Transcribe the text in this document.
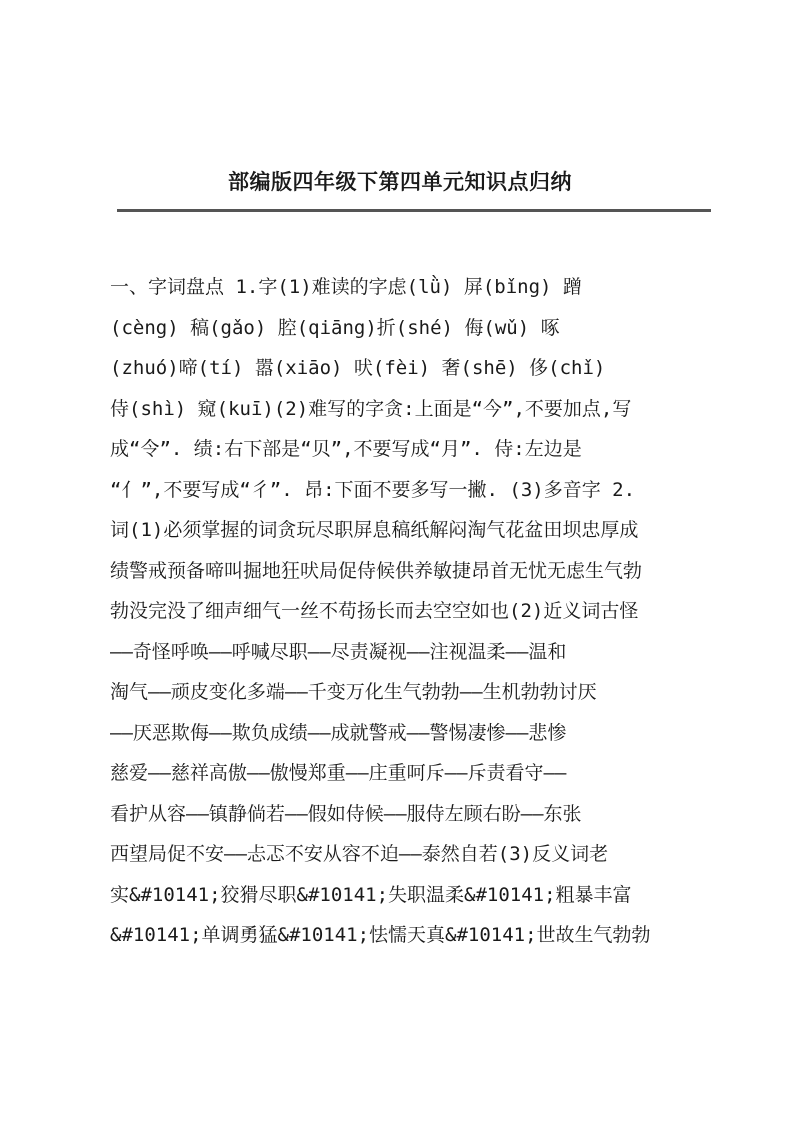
部编版四年级下第四单元知识点归纳
一、字词盘点 1.字(1)难读的字虑(lǜ) 屏(bǐng) 蹭
(cèng) 稿(gǎo) 腔(qiāng)折(shé) 侮(wǔ) 啄
(zhuó)啼(tí) 嚣(xiāo) 吠(fèi) 奢(shē) 侈(chǐ)
侍(shì) 窥(kuī)(2)难写的字贪:上面是“今”,不要加点,写
成“令”. 绩:右下部是“贝”,不要写成“月”. 侍:左边是
“亻”,不要写成“彳”. 昂:下面不要多写一撇. (3)多音字 2.
词(1)必须掌握的词贪玩尽职屏息稿纸解闷淘气花盆田坝忠厚成
绩警戒预备啼叫掘地狂吠局促侍候供养敏捷昂首无忧无虑生气勃
勃没完没了细声细气一丝不苟扬长而去空空如也(2)近义词古怪
——奇怪呼唤——呼喊尽职——尽责凝视——注视温柔——温和
淘气——顽皮变化多端——千变万化生气勃勃——生机勃勃讨厌
——厌恶欺侮——欺负成绩——成就警戒——警惕凄惨——悲惨
慈爱——慈祥高傲——傲慢郑重——庄重呵斥——斥责看守——
看护从容——镇静倘若——假如侍候——服侍左顾右盼——东张
西望局促不安——忐忑不安从容不迫——泰然自若(3)反义词老
实&#10141;狡猾尽职&#10141;失职温柔&#10141;粗暴丰富
&#10141;单调勇猛&#10141;怯懦天真&#10141;世故生气勃勃
